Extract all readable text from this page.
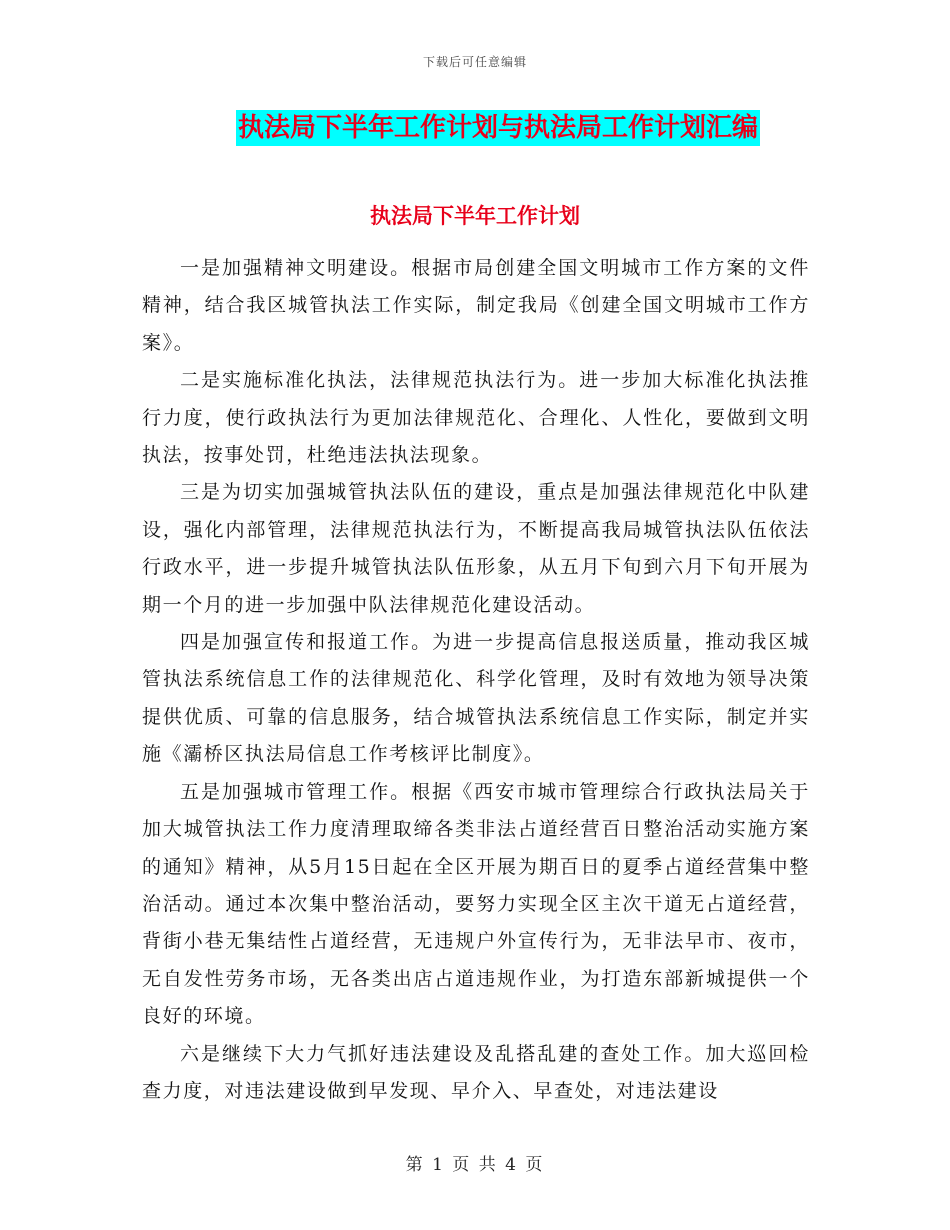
下载后可任意编辑
执法局下半年工作计划与执法局工作计划汇编
执法局下半年工作计划

一是加强精神文明建设。根据市局创建全国文明城市工作方案的文件精神，结合我区城管执法工作实际，制定我局《创建全国文明城市工作方案》。

二是实施标准化执法，法律规范执法行为。进一步加大标准化执法推行力度，使行政执法行为更加法律规范化、合理化、人性化，要做到文明执法，按事处罚，杜绝违法执法现象。

三是为切实加强城管执法队伍的建设，重点是加强法律规范化中队建设，强化内部管理，法律规范执法行为，不断提高我局城管执法队伍依法行政水平，进一步提升城管执法队伍形象，从五月下旬到六月下旬开展为期一个月的进一步加强中队法律规范化建设活动。

四是加强宣传和报道工作。为进一步提高信息报送质量，推动我区城管执法系统信息工作的法律规范化、科学化管理，及时有效地为领导决策提供优质、可靠的信息服务，结合城管执法系统信息工作实际，制定并实施《灞桥区执法局信息工作考核评比制度》。

五是加强城市管理工作。根据《西安市城市管理综合行政执法局关于加大城管执法工作力度清理取缔各类非法占道经营百日整治活动实施方案的通知》精神，从5月15日起在全区开展为期百日的夏季占道经营集中整治活动。通过本次集中整治活动，要努力实现全区主次干道无占道经营，背街小巷无集结性占道经营，无违规户外宣传行为，无非法早市、夜市，无自发性劳务市场，无各类出店占道违规作业，为打造东部新城提供一个良好的环境。

六是继续下大力气抓好违法建设及乱搭乱建的查处工作。加大巡回检查力度，对违法建设做到早发现、早介入、早查处，对违法建设

第 1 页 共 4 页
